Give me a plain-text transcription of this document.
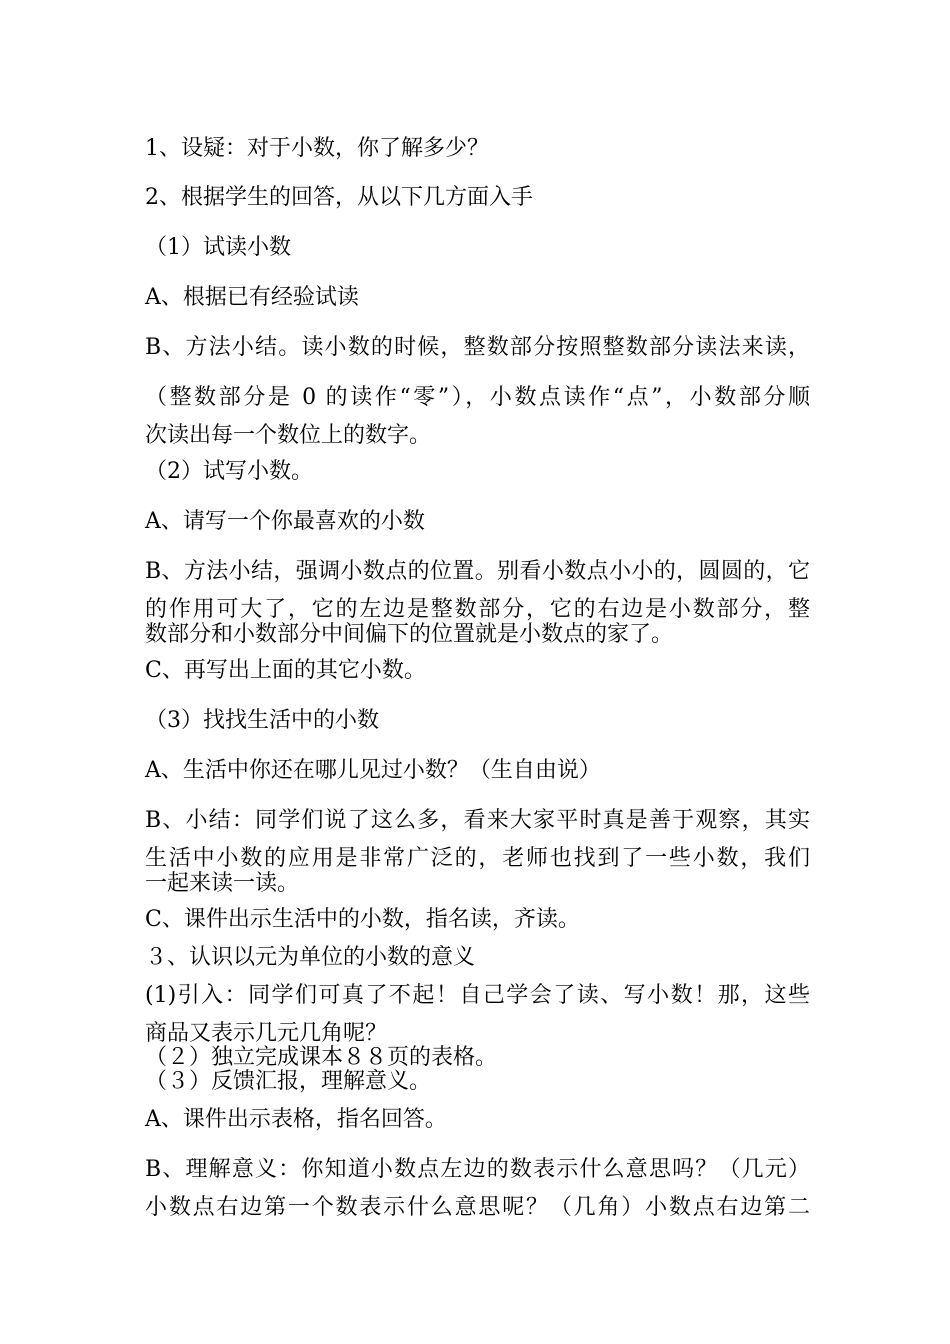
1、设疑：对于小数，你了解多少？
2、根据学生的回答，从以下几方面入手
（1）试读小数
A、根据已有经验试读
B、方法小结。读小数的时候，整数部分按照整数部分读法来读，
（整数部分是 0 的读作“零”），小数点读作“点”，小数部分顺
次读出每一个数位上的数字。
（2）试写小数。
A、请写一个你最喜欢的小数
B、方法小结，强调小数点的位置。别看小数点小小的，圆圆的，它
的作用可大了，它的左边是整数部分，它的右边是小数部分，整
数部分和小数部分中间偏下的位置就是小数点的家了。
C、再写出上面的其它小数。
（3）找找生活中的小数
A、生活中你还在哪儿见过小数？（生自由说）
B、小结：同学们说了这么多，看来大家平时真是善于观察，其实
生活中小数的应用是非常广泛的，老师也找到了一些小数，我们
一起来读一读。
C、课件出示生活中的小数，指名读，齐读。
３、认识以元为单位的小数的意义
(1)引入：同学们可真了不起！自己学会了读、写小数！那，这些
商品又表示几元几角呢？
（２）独立完成课本８８页的表格。
（３）反馈汇报，理解意义。
A、课件出示表格，指名回答。
B、理解意义：你知道小数点左边的数表示什么意思吗？（几元）
小数点右边第一个数表示什么意思呢？（几角）小数点右边第二
